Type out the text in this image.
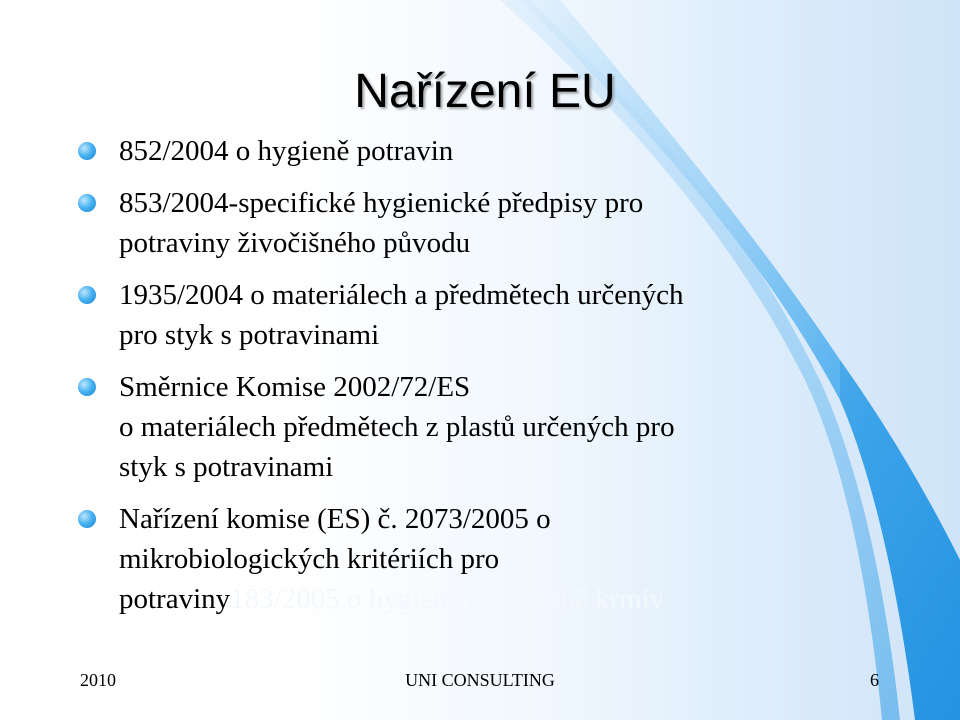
Nařízení EU
852/2004 o hygieně potravin
853/2004-specifické hygienické předpisy pro
potraviny živočišného původu
1935/2004 o materiálech a předmětech určených
pro styk s potravinami
Směrnice Komise 2002/72/ES
o materiálech předmětech z plastů určených pro
styk s potravinami
Nařízení komise (ES) č. 2073/2005 o
mikrobiologických kritériích pro
potraviny183/2005 o hygieně při výrobě krmiv
2010	UNI CONSULTING	6
